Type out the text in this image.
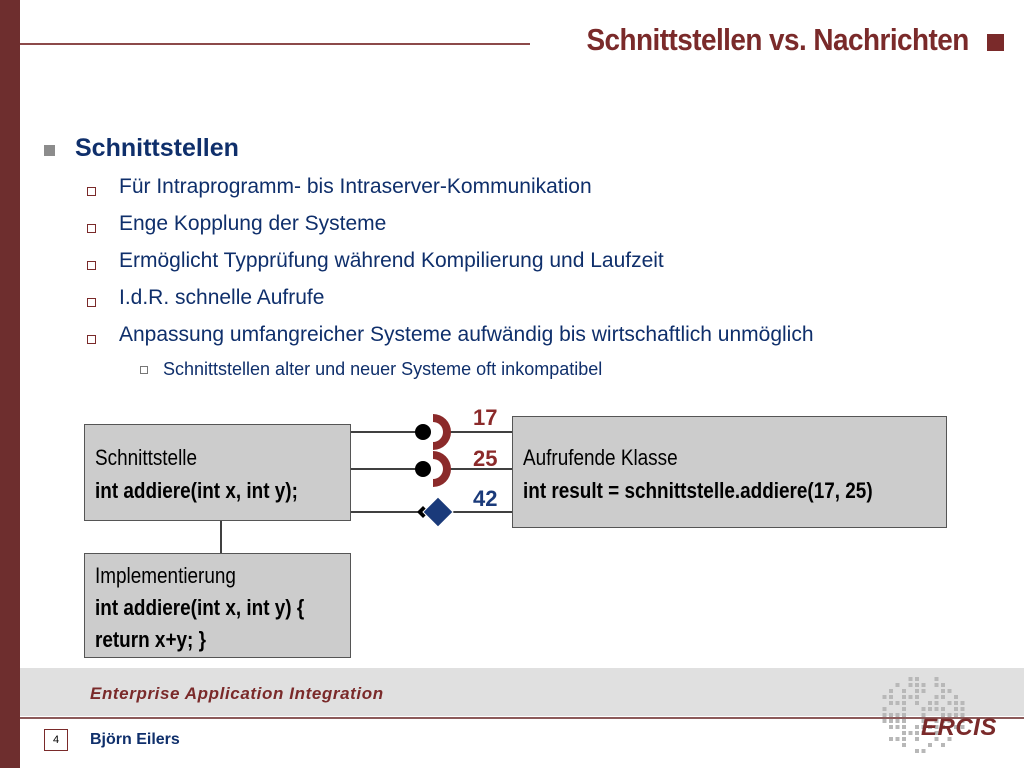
Schnittstellen vs. Nachrichten
Schnittstellen
Für Intraprogramm- bis Intraserver-Kommunikation
Enge Kopplung der Systeme
Ermöglicht Typprüfung während Kompilierung und Laufzeit
I.d.R. schnelle Aufrufe
Anpassung umfangreicher Systeme aufwändig bis wirtschaftlich unmöglich
Schnittstellen alter und neuer Systeme oft inkompatibel
17
25
42
Schnittstelle
int addiere(int x, int y);
Aufrufende Klasse
int result = schnittstelle.addiere(17, 25)
Implementierung
int addiere(int x, int y) {
return x+y; }
Enterprise Application Integration
4	Björn Eilers	ERCIS
